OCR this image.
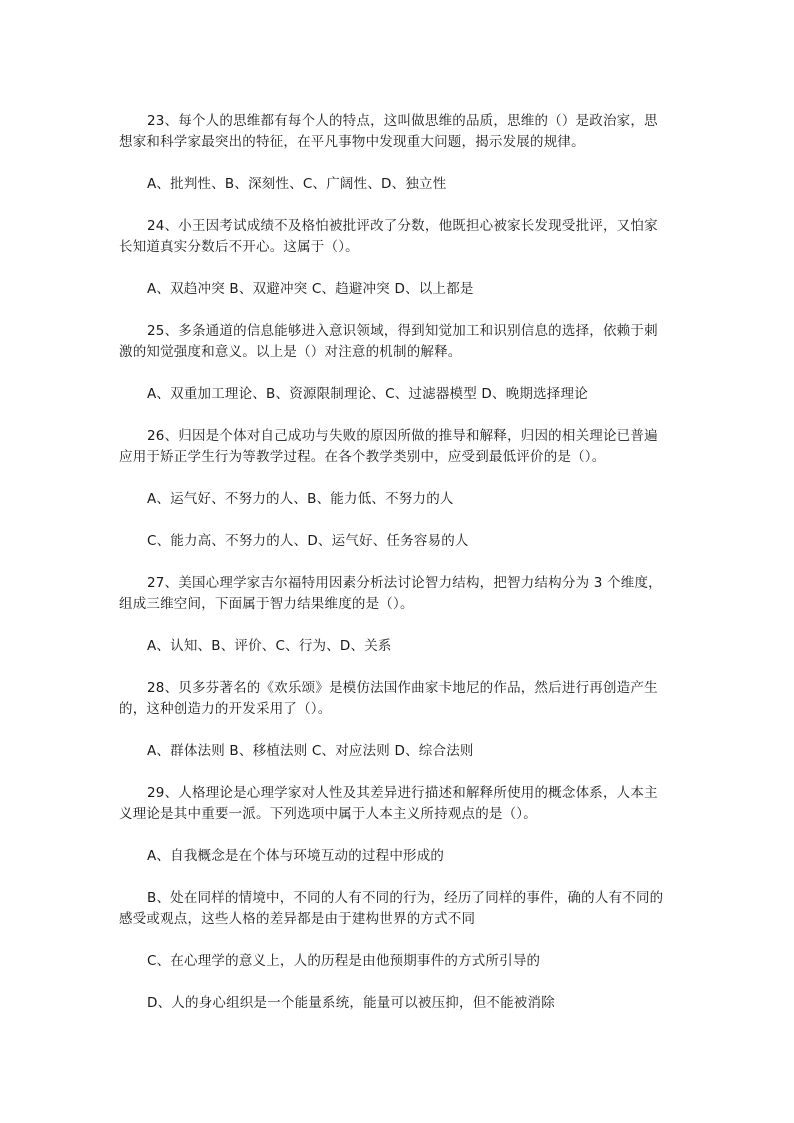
23、每个人的思维都有每个人的特点，这叫做思维的品质，思维的（）是政治家，思
想家和科学家最突出的特征，在平凡事物中发现重大问题，揭示发展的规律。
A、批判性、B、深刻性、C、广阔性、D、独立性
24、小王因考试成绩不及格怕被批评改了分数，他既担心被家长发现受批评，又怕家
长知道真实分数后不开心。这属于（）。
A、双趋冲突 B、双避冲突 C、趋避冲突 D、以上都是
25、多条通道的信息能够进入意识领域，得到知觉加工和识别信息的选择，依赖于刺
激的知觉强度和意义。以上是（）对注意的机制的解释。
A、双重加工理论、B、资源限制理论、C、过滤器模型 D、晚期选择理论
26、归因是个体对自己成功与失败的原因所做的推导和解释，归因的相关理论已普遍
应用于矫正学生行为等教学过程。在各个教学类别中，应受到最低评价的是（）。
A、运气好、不努力的人、B、能力低、不努力的人
C、能力高、不努力的人、D、运气好、任务容易的人
27、美国心理学家吉尔福特用因素分析法讨论智力结构，把智力结构分为 3 个维度，
组成三维空间，下面属于智力结果维度的是（）。
A、认知、B、评价、C、行为、D、关系
28、贝多芬著名的《欢乐颂》是模仿法国作曲家卡地尼的作品，然后进行再创造产生
的，这种创造力的开发采用了（）。
A、群体法则 B、移植法则 C、对应法则 D、综合法则
29、人格理论是心理学家对人性及其差异进行描述和解释所使用的概念体系，人本主
义理论是其中重要一派。下列选项中属于人本主义所持观点的是（）。
A、自我概念是在个体与环境互动的过程中形成的
B、处在同样的情境中，不同的人有不同的行为，经历了同样的事件，确的人有不同的
感受或观点，这些人格的差异都是由于建构世界的方式不同
C、在心理学的意义上，人的历程是由他预期事件的方式所引导的
D、人的身心组织是一个能量系统，能量可以被压抑，但不能被消除
